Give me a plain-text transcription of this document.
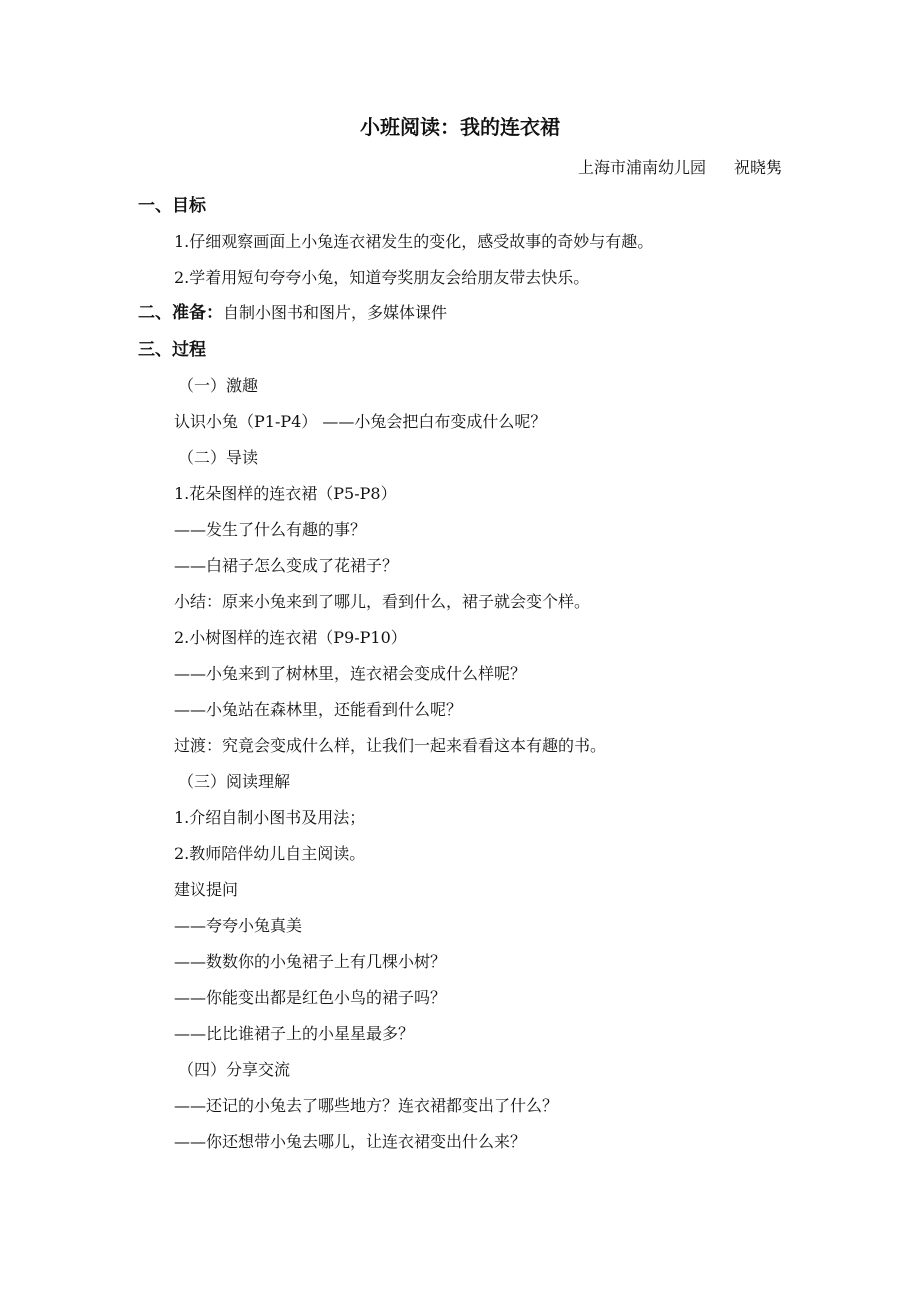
小班阅读：我的连衣裙
上海市浦南幼儿园 祝晓隽
一、目标
1.仔细观察画面上小兔连衣裙发生的变化，感受故事的奇妙与有趣。
2.学着用短句夸夸小兔，知道夸奖朋友会给朋友带去快乐。
二、准备：自制小图书和图片，多媒体课件
三、过程
（一）激趣
认识小兔（P1-P4） ——小兔会把白布变成什么呢？
（二）导读
1.花朵图样的连衣裙（P5-P8）
——发生了什么有趣的事？
——白裙子怎么变成了花裙子？
小结：原来小兔来到了哪儿，看到什么，裙子就会变个样。
2.小树图样的连衣裙（P9-P10）
——小兔来到了树林里，连衣裙会变成什么样呢？
——小兔站在森林里，还能看到什么呢？
过渡：究竟会变成什么样，让我们一起来看看这本有趣的书。
（三）阅读理解
1.介绍自制小图书及用法；
2.教师陪伴幼儿自主阅读。
建议提问
——夸夸小兔真美
——数数你的小兔裙子上有几棵小树？
——你能变出都是红色小鸟的裙子吗？
——比比谁裙子上的小星星最多？
（四）分享交流
——还记的小兔去了哪些地方？连衣裙都变出了什么？
——你还想带小兔去哪儿，让连衣裙变出什么来？
